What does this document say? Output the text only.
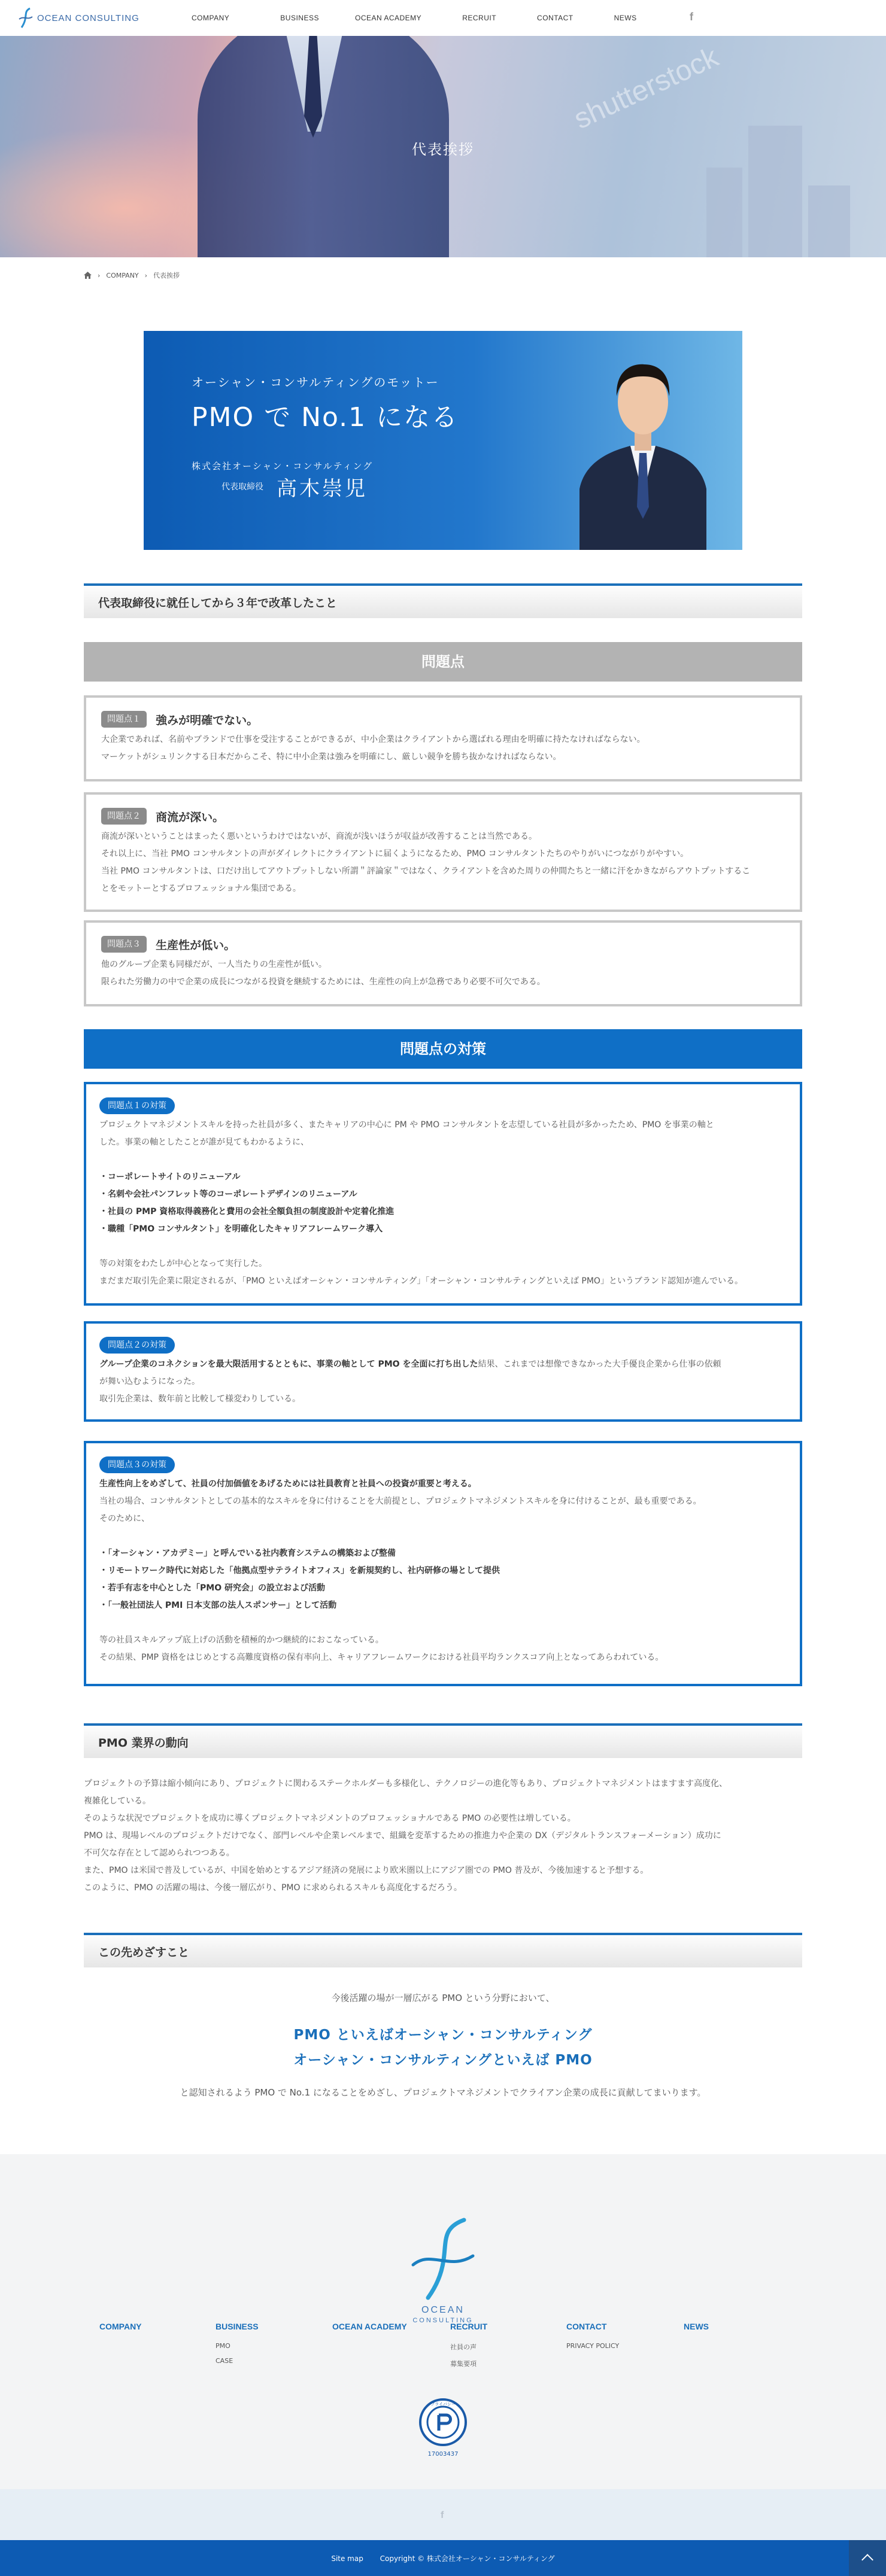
OCEAN CONSULTING	COMPANY	BUSINESS	OCEAN ACADEMY	RECRUIT	CONTACT	NEWS	f
shutterstock
代表挨拶
› COMPANY › 代表挨拶
オーシャン・コンサルティングのモットー
PMO で No.1 になる
株式会社オーシャン・コンサルティング
代表取締役 高木崇児
代表取締役に就任してから３年で改革したこと
問題点
問題点１ 強みが明確でない。
大企業であれば、名前やブランドで仕事を受注することができるが、中小企業はクライアントから選ばれる理由を明確に持たなければならない。
マーケットがシュリンクする日本だからこそ、特に中小企業は強みを明確にし、厳しい競争を勝ち抜かなければならない。
問題点２ 商流が深い。
商流が深いということはまったく悪いというわけではないが、商流が浅いほうが収益が改善することは当然である。
それ以上に、当社 PMO コンサルタントの声がダイレクトにクライアントに届くようになるため、PMO コンサルタントたちのやりがいにつながりがやすい。
当社 PMO コンサルタントは、口だけ出してアウトプットしない所謂＂評論家＂ではなく、クライアントを含めた周りの仲間たちと一緒に汗をかきながらアウトプットするこ
とをモットーとするプロフェッショナル集団である。
問題点３ 生産性が低い。
他のグループ企業も同様だが、一人当たりの生産性が低い。
限られた労働力の中で企業の成長につながる投資を継続するためには、生産性の向上が急務であり必要不可欠である。
問題点の対策
問題点１の対策
プロジェクトマネジメントスキルを持った社員が多く、またキャリアの中心に PM や PMO コンサルタントを志望している社員が多かったため、PMO を事業の軸と
した。事業の軸としたことが誰が見てもわかるように、
・コーポレートサイトのリニューアル
・名刺や会社パンフレット等のコーポレートデザインのリニューアル
・社員の PMP 資格取得義務化と費用の会社全額負担の制度設計や定着化推進
・職種「PMO コンサルタント」を明確化したキャリアフレームワーク導入
等の対策をわたしが中心となって実行した。
まだまだ取引先企業に限定されるが、「PMO といえばオーシャン・コンサルティング」「オーシャン・コンサルティングといえば PMO」というブランド認知が進んでいる。
問題点２の対策
グループ企業のコネクションを最大限活用するとともに、事業の軸として PMO を全面に打ち出した結果、これまでは想像できなかった大手優良企業から仕事の依頼
が舞い込むようになった。
取引先企業は、数年前と比較して様変わりしている。
問題点３の対策
生産性向上をめざして、社員の付加価値をあげるためには社員教育と社員への投資が重要と考える。
当社の場合、コンサルタントとしての基本的なスキルを身に付けることを大前提とし、プロジェクトマネジメントスキルを身に付けることが、最も重要である。
そのために、
・「オーシャン・アカデミー」と呼んでいる社内教育システムの構築および整備
・リモートワーク時代に対応した「他拠点型サテライトオフィス」を新規契約し、社内研修の場として提供
・若手有志を中心とした「PMO 研究会」の設立および活動
・「一般社団法人 PMI 日本支部の法人スポンサー」として活動
等の社員スキルアップ底上げの活動を積極的かつ継続的におこなっている。
その結果、PMP 資格をはじめとする高難度資格の保有率向上、キャリアフレームワークにおける社員平均ランクスコア向上となってあらわれている。
PMO 業界の動向

プロジェクトの予算は縮小傾向にあり、プロジェクトに関わるステークホルダーも多様化し、テクノロジーの進化等もあり、プロジェクトマネジメントはますます高度化、

複雑化している。

そのような状況でプロジェクトを成功に導くプロジェクトマネジメントのプロフェッショナルである PMO の必要性は増している。

PMO は、現場レベルのプロジェクトだけでなく、部門レベルや企業レベルまで、組織を変革するための推進力や企業の DX（デジタルトランスフォーメーション）成功に

不可欠な存在として認められつつある。

また、PMO は米国で普及しているが、中国を始めとするアジア経済の発展により欧米圏以上にアジア圏での PMO 普及が、今後加速すると予想する。

このように、PMO の活躍の場は、今後一層広がり、PMO に求められるスキルも高度化するだろう。

この先めざすこと
今後活躍の場が一層広がる PMO という分野において、
PMO といえばオーシャン・コンサルティング
オーシャン・コンサルティングといえば PMO
と認知されるよう PMO で No.1 になることをめざし、プロジェクトマネジメントでクライアン企業の成長に貢献してまいります。
OCEAN
CONSULTING
COMPANY	BUSINESS
PMO
CASE
OCEAN ACADEMY	RECRUIT
社員の声
募集要項
CONTACT
PRIVACY POLICY
NEWS
プライバシー
17003437
f
Site map Copyright © 株式会社オーシャン・コンサルティング
